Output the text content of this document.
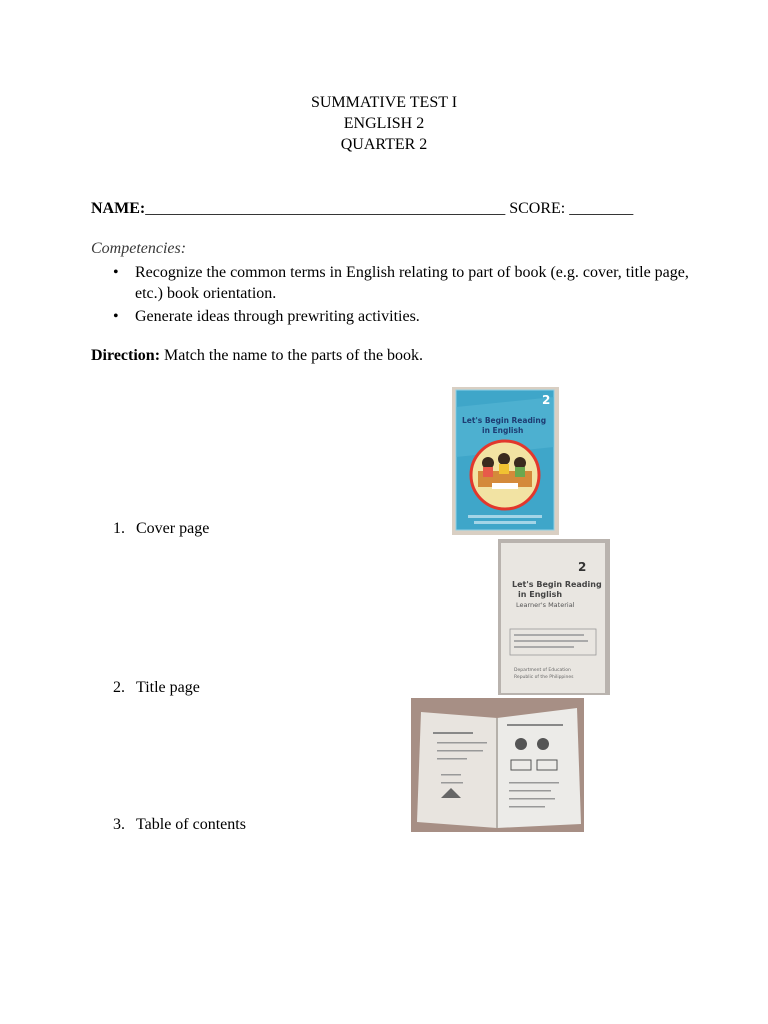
SUMMATIVE TEST I
ENGLISH 2
QUARTER 2
NAME:_____________________________________________ SCORE: ________
Competencies:
• Recognize the common terms in English relating to part of book (e.g. cover, title page, etc.) book orientation.
• Generate ideas through prewriting activities.
Direction: Match the name to the parts of the book.
1. Cover page
2. Title page
3. Table of contents
2
Let's Begin Reading
in English
2
Let's Begin Reading
in English
Learner's Material
Department of Education
Republic of the Philippines
